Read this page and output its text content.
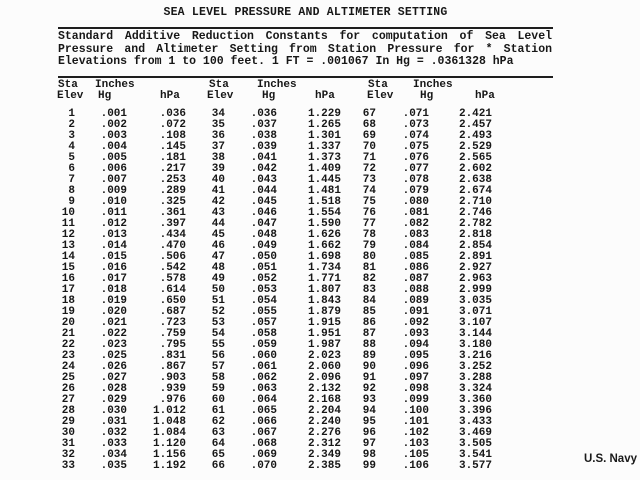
SEA LEVEL PRESSURE AND ALTIMETER SETTING
Standard Additive Reduction Constants for computation of Sea Level
Pressure and Altimeter Setting from Station Pressure for * Station
Elevations from 1 to 100 feet. 1 FT = .001067 In Hg = .0361328 hPa
Sta Inches
Elev Hg	hPa
Sta	Inches
Elev	Hg	hPa
Sta Inches
Elev Hg	hPa
1	.001	.036	34	.036	1.229	67	.071	2.421
2	.002	.072	35	.037	1.265	68	.073	2.457
3	.003	.108	36	.038	1.301	69	.074	2.493
4	.004	.145	37	.039	1.337	70	.075	2.529
5	.005	.181	38	.041	1.373	71	.076	2.565
6	.006	.217	39	.042	1.409	72	.077	2.602
7	.007	.253	40	.043	1.445	73	.078	2.638
8	.009	.289	41	.044	1.481	74	.079	2.674
9	.010	.325	42	.045	1.518	75	.080	2.710
10	.011	.361	43	.046	1.554	76	.081	2.746
11	.012	.397	44	.047	1.590	77	.082	2.782
12	.013	.434	45	.048	1.626	78	.083	2.818
13	.014	.470	46	.049	1.662	79	.084	2.854
14	.015	.506	47	.050	1.698	80	.085	2.891
15	.016	.542	48	.051	1.734	81	.086	2.927
16	.017	.578	49	.052	1.771	82	.087	2.963
17	.018	.614	50	.053	1.807	83	.088	2.999
18	.019	.650	51	.054	1.843	84	.089	3.035
19	.020	.687	52	.055	1.879	85	.091	3.071
20	.021	.723	53	.057	1.915	86	.092	3.107
21	.022	.759	54	.058	1.951	87	.093	3.144
22	.023	.795	55	.059	1.987	88	.094	3.180
23	.025	.831	56	.060	2.023	89	.095	3.216
24	.026	.867	57	.061	2.060	90	.096	3.252
25	.027	.903	58	.062	2.096	91	.097	3.288
26	.028	.939	59	.063	2.132	92	.098	3.324
27	.029	.976	60	.064	2.168	93	.099	3.360
28	.030	1.012	61	.065	2.204	94	.100	3.396
29	.031	1.048	62	.066	2.240	95	.101	3.433
30	.032	1.084	63	.067	2.276	96	.102	3.469
31	.033	1.120	64	.068	2.312	97	.103	3.505
32	.034	1.156	65	.069	2.349	98	.105	3.541
33	.035	1.192	66	.070	2.385	99	.106	3.577
U.S. Navy
